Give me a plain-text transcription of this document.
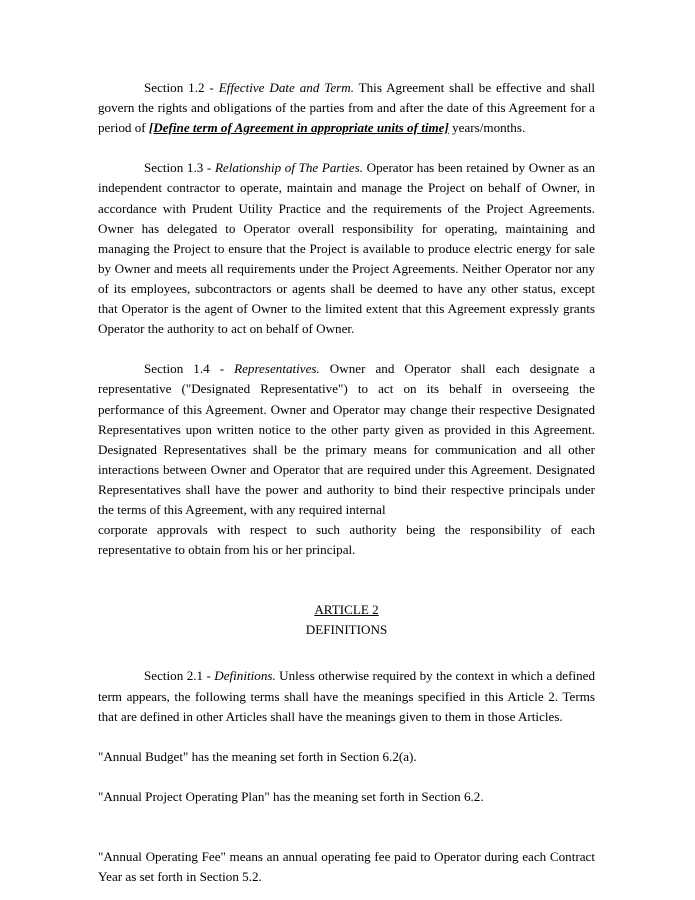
Section 1.2 - Effective Date and Term. This Agreement shall be effective and shall govern the rights and obligations of the parties from and after the date of this Agreement for a period of [Define term of Agreement in appropriate units of time] years/months.

Section 1.3 - Relationship of The Parties. Operator has been retained by Owner as an independent contractor to operate, maintain and manage the Project on behalf of Owner, in accordance with Prudent Utility Practice and the requirements of the Project Agreements. Owner has delegated to Operator overall responsibility for operating, maintaining and managing the Project to ensure that the Project is available to produce electric energy for sale by Owner and meets all requirements under the Project Agreements. Neither Operator nor any of its employees, subcontractors or agents shall be deemed to have any other status, except that Operator is the agent of Owner to the limited extent that this Agreement expressly grants Operator the authority to act on behalf of Owner.

Section 1.4 - Representatives. Owner and Operator shall each designate a representative ("Designated Representative") to act on its behalf in overseeing the performance of this Agreement. Owner and Operator may change their respective Designated Representatives upon written notice to the other party given as provided in this Agreement. Designated Representatives shall be the primary means for communication and all other interactions between Owner and Operator that are required under this Agreement. Designated Representatives shall have the power and authority to bind their respective principals under the terms of this Agreement, with any required internal

corporate approvals with respect to such authority being the responsibility of each representative to obtain from his or her principal.

ARTICLE 2
DEFINITIONS

Section 2.1 - Definitions. Unless otherwise required by the context in which a defined term appears, the following terms shall have the meanings specified in this Article 2. Terms that are defined in other Articles shall have the meanings given to them in those Articles.

"Annual Budget" has the meaning set forth in Section 6.2(a).

"Annual Project Operating Plan" has the meaning set forth in Section 6.2.

"Annual Operating Fee" means an annual operating fee paid to Operator during each Contract Year as set forth in Section 5.2.
